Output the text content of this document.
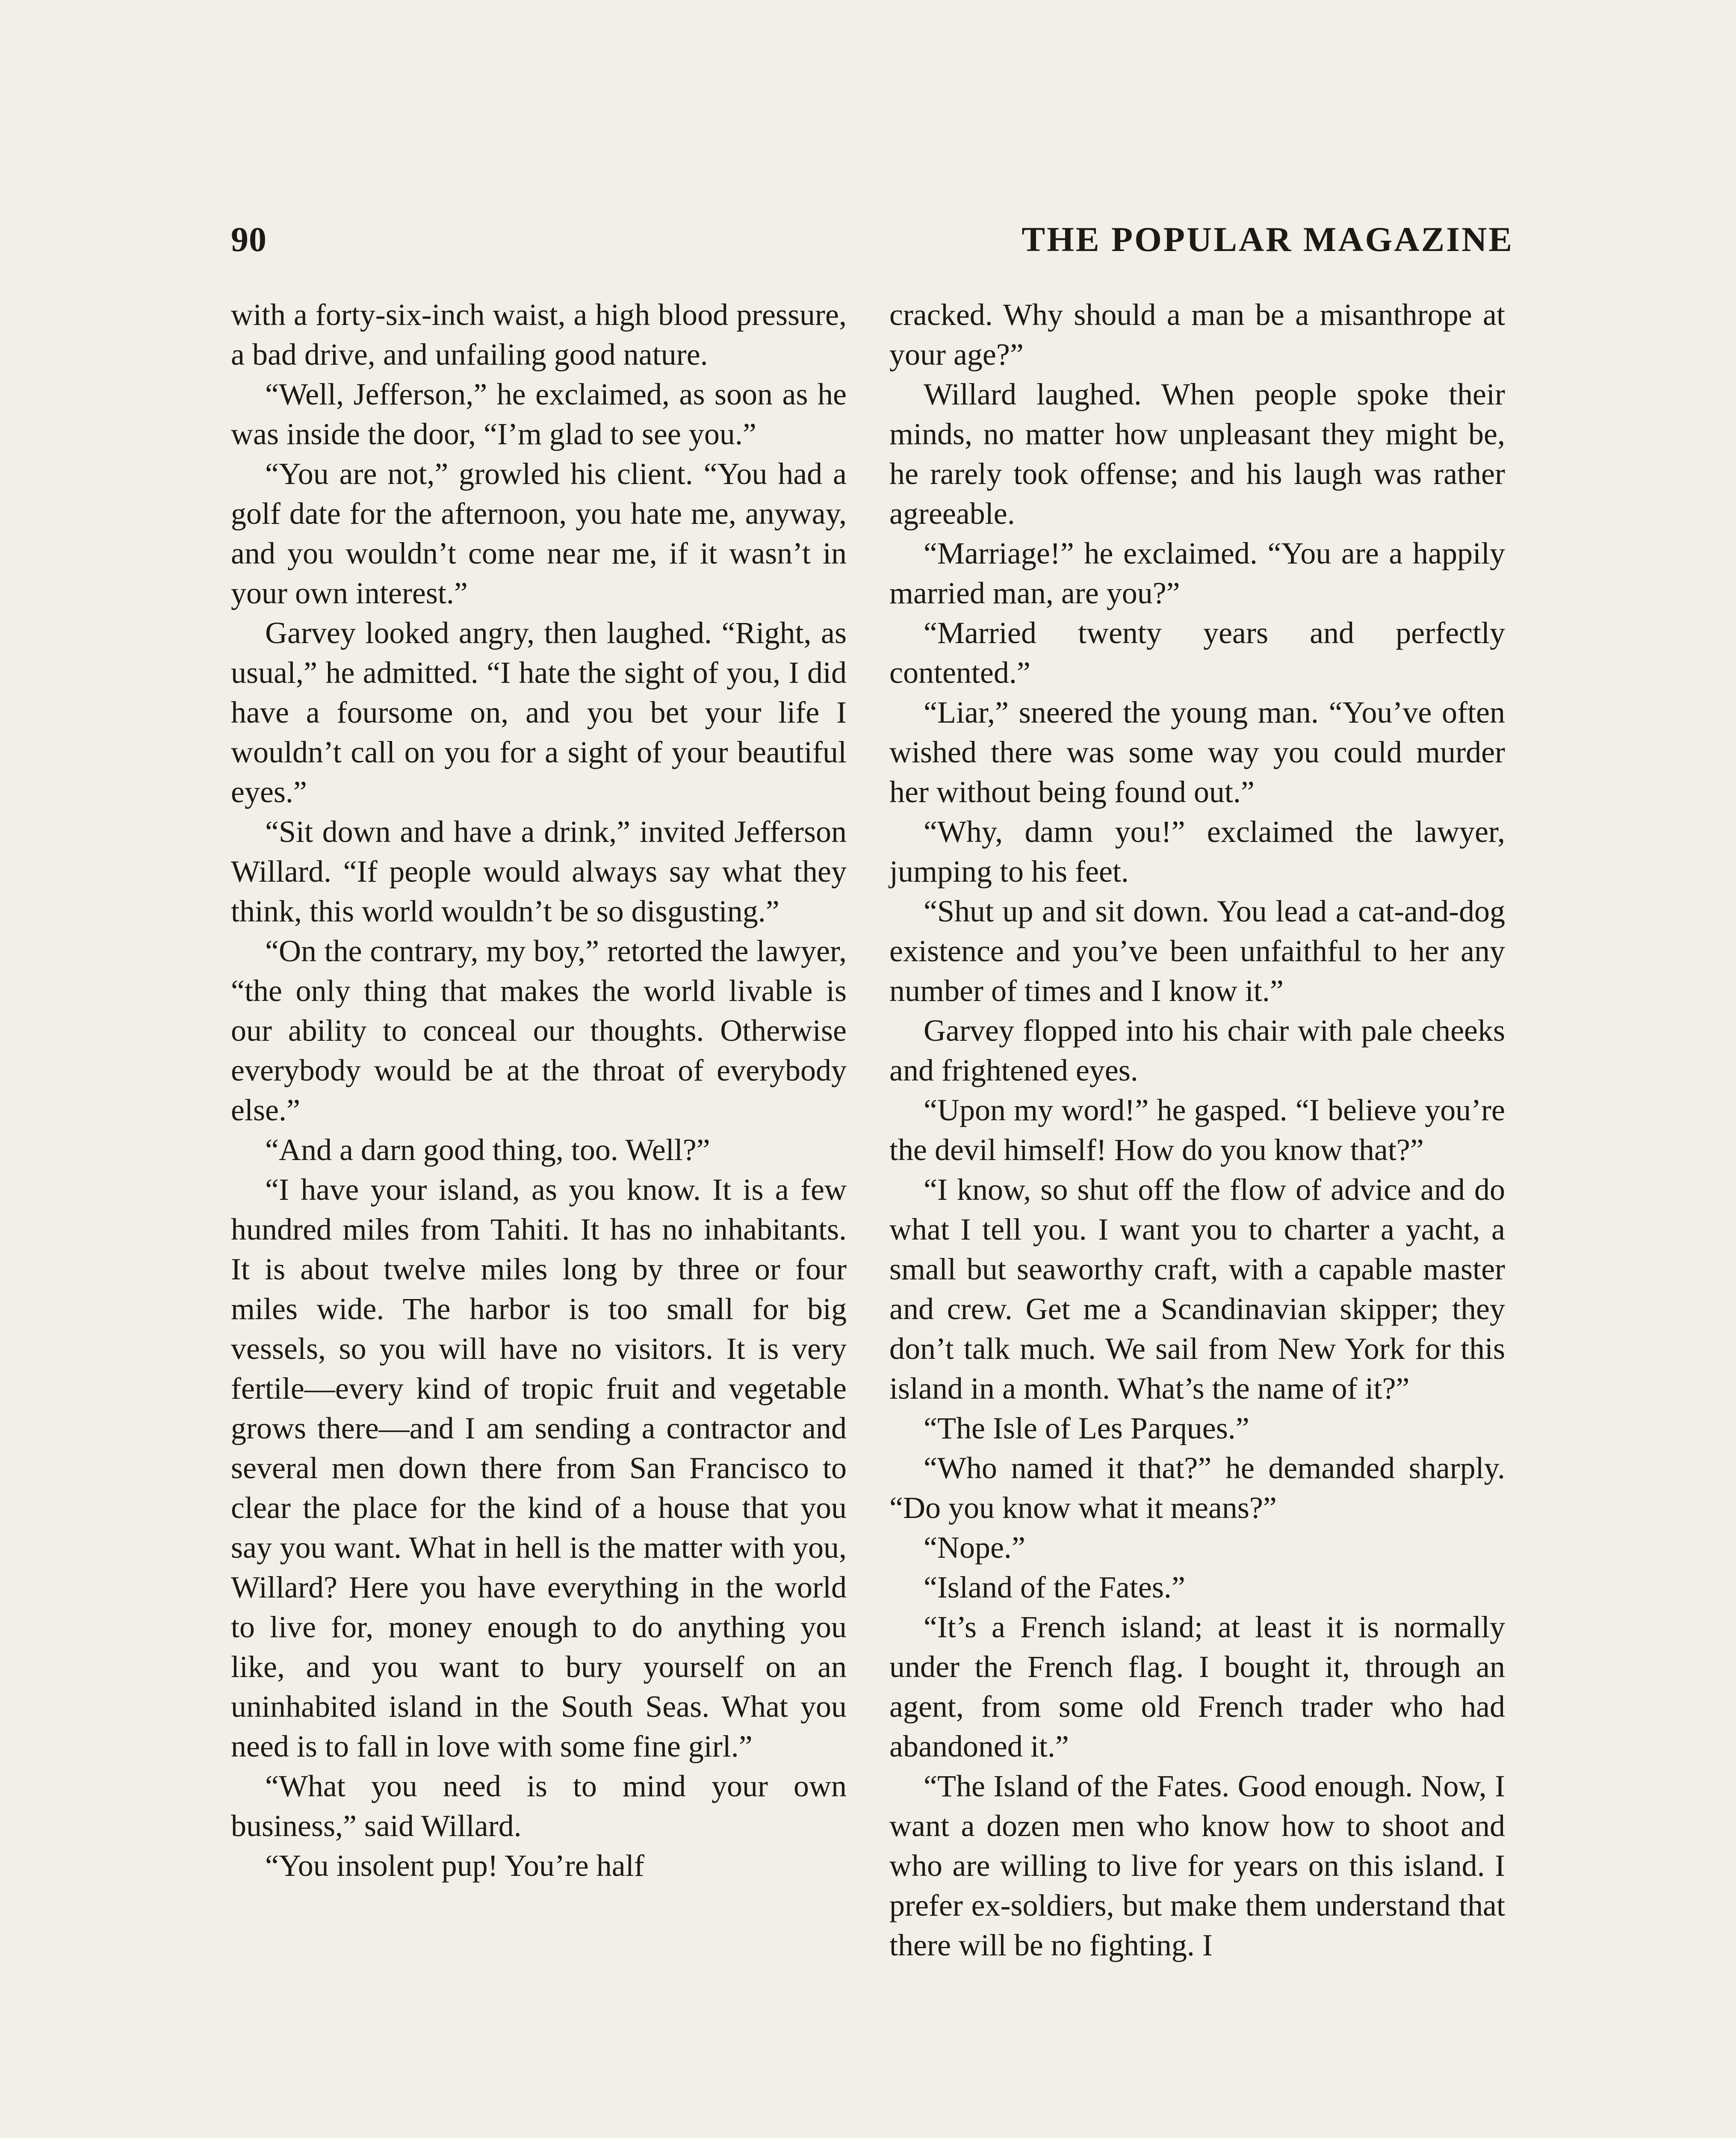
90	THE POPULAR MAGAZINE

with a forty-six-inch waist, a high blood pressure, a bad drive, and unfailing good nature.

“Well, Jefferson,” he exclaimed, as soon as he was inside the door, “I’m glad to see you.”

“You are not,” growled his client. “You had a golf date for the afternoon, you hate me, anyway, and you wouldn’t come near me, if it wasn’t in your own interest.”

Garvey looked angry, then laughed. “Right, as usual,” he admitted. “I hate the sight of you, I did have a foursome on, and you bet your life I wouldn’t call on you for a sight of your beautiful eyes.”

“Sit down and have a drink,” invited Jefferson Willard. “If people would always say what they think, this world wouldn’t be so disgusting.”

“On the contrary, my boy,” retorted the lawyer, “the only thing that makes the world livable is our ability to conceal our thoughts. Otherwise everybody would be at the throat of everybody else.”

“And a darn good thing, too. Well?”

“I have your island, as you know. It is a few hundred miles from Tahiti. It has no inhabitants. It is about twelve miles long by three or four miles wide. The harbor is too small for big vessels, so you will have no visitors. It is very fertile—every kind of tropic fruit and vegetable grows there—and I am sending a contractor and several men down there from San Francisco to clear the place for the kind of a house that you say you want. What in hell is the matter with you, Willard? Here you have everything in the world to live for, money enough to do anything you like, and you want to bury yourself on an uninhabited island in the South Seas. What you need is to fall in love with some fine girl.”

“What you need is to mind your own business,” said Willard.

“You insolent pup! You’re half

cracked. Why should a man be a misanthrope at your age?”

Willard laughed. When people spoke their minds, no matter how unpleasant they might be, he rarely took offense; and his laugh was rather agreeable.

“Marriage!” he exclaimed. “You are a happily married man, are you?”

“Married twenty years and perfectly contented.”

“Liar,” sneered the young man. “You’ve often wished there was some way you could murder her without being found out.”

“Why, damn you!” exclaimed the lawyer, jumping to his feet.

“Shut up and sit down. You lead a cat-and-dog existence and you’ve been unfaithful to her any number of times and I know it.”

Garvey flopped into his chair with pale cheeks and frightened eyes.

“Upon my word!” he gasped. “I believe you’re the devil himself! How do you know that?”

“I know, so shut off the flow of advice and do what I tell you. I want you to charter a yacht, a small but seaworthy craft, with a capable master and crew. Get me a Scandinavian skipper; they don’t talk much. We sail from New York for this island in a month. What’s the name of it?”

“The Isle of Les Parques.”

“Who named it that?” he demanded sharply. “Do you know what it means?”

“Nope.”

“Island of the Fates.”

“It’s a French island; at least it is normally under the French flag. I bought it, through an agent, from some old French trader who had abandoned it.”

“The Island of the Fates. Good enough. Now, I want a dozen men who know how to shoot and who are willing to live for years on this island. I prefer ex-soldiers, but make them understand that there will be no fighting. I
